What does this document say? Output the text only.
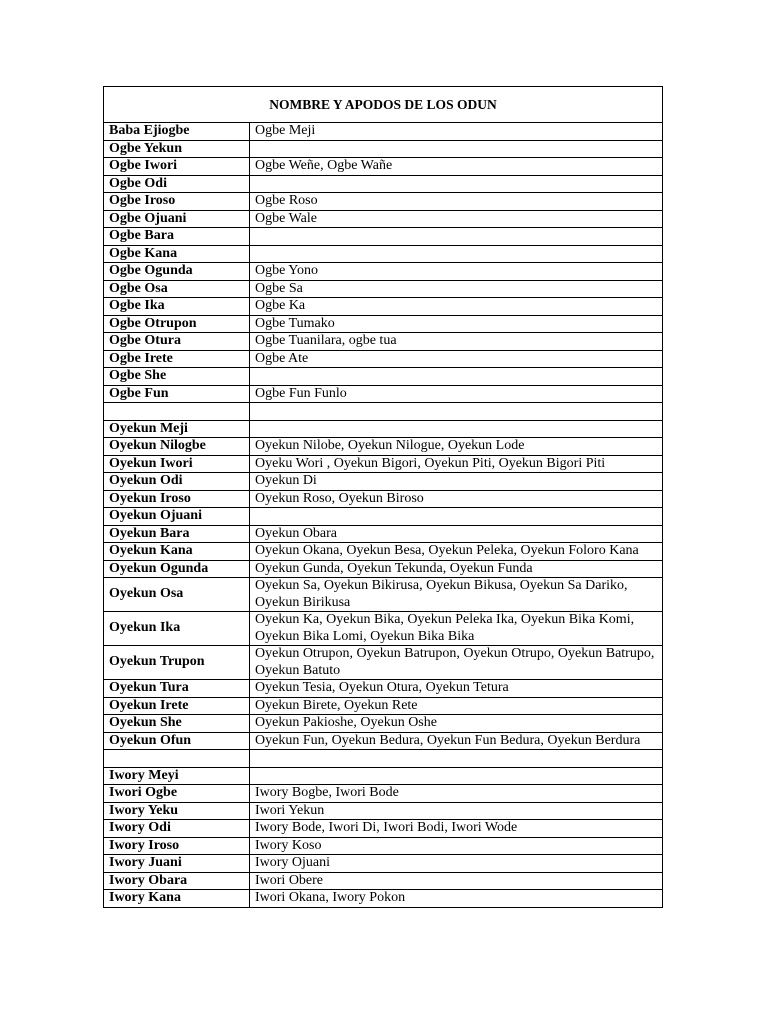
NOMBRE Y APODOS DE LOS ODUN	
Baba Ejiogbe	Ogbe Meji
Ogbe Yekun	
Ogbe Iwori	Ogbe Weñe, Ogbe Wañe
Ogbe Odi	
Ogbe Iroso	Ogbe Roso
Ogbe Ojuani	Ogbe Wale
Ogbe Bara	
Ogbe Kana	
Ogbe Ogunda	Ogbe Yono
Ogbe Osa	Ogbe Sa
Ogbe Ika	Ogbe Ka
Ogbe Otrupon	Ogbe Tumako
Ogbe Otura	Ogbe Tuanilara, ogbe tua
Ogbe Irete	Ogbe Ate
Ogbe She	
Ogbe Fun	Ogbe Fun Funlo

Oyekun Meji	
Oyekun Nilogbe	Oyekun Nilobe, Oyekun Nilogue, Oyekun Lode
Oyekun Iwori	Oyeku Wori , Oyekun Bigori, Oyekun Piti, Oyekun Bigori Piti
Oyekun Odi	Oyekun Di
Oyekun Iroso	Oyekun Roso, Oyekun Biroso
Oyekun Ojuani	
Oyekun Bara	Oyekun Obara
Oyekun Kana	Oyekun Okana, Oyekun Besa, Oyekun Peleka, Oyekun Foloro Kana
Oyekun Ogunda	Oyekun Gunda, Oyekun Tekunda, Oyekun Funda
Oyekun Osa	Oyekun Sa, Oyekun Bikirusa, Oyekun Bikusa, Oyekun Sa Dariko, Oyekun Birikusa
Oyekun Ika	Oyekun Ka, Oyekun Bika, Oyekun Peleka Ika, Oyekun Bika Komi, Oyekun Bika Lomi, Oyekun Bika Bika
Oyekun Trupon	Oyekun Otrupon, Oyekun Batrupon, Oyekun Otrupo, Oyekun Batrupo, Oyekun Batuto
Oyekun Tura	Oyekun Tesia, Oyekun Otura, Oyekun Tetura
Oyekun Irete	Oyekun Birete, Oyekun Rete
Oyekun She	Oyekun Pakioshe, Oyekun Oshe
Oyekun Ofun	Oyekun Fun, Oyekun Bedura, Oyekun Fun Bedura, Oyekun Berdura

Iwory Meyi	
Iwori Ogbe	Iwory Bogbe, Iwori Bode
Iwory Yeku	Iwori Yekun
Iwory Odi	Iwory Bode, Iwori Di, Iwori Bodi, Iwori Wode
Iwory Iroso	Iwory Koso
Iwory Juani	Iwory Ojuani
Iwory Obara	Iwori Obere
Iwory Kana	Iwori Okana, Iwory Pokon
